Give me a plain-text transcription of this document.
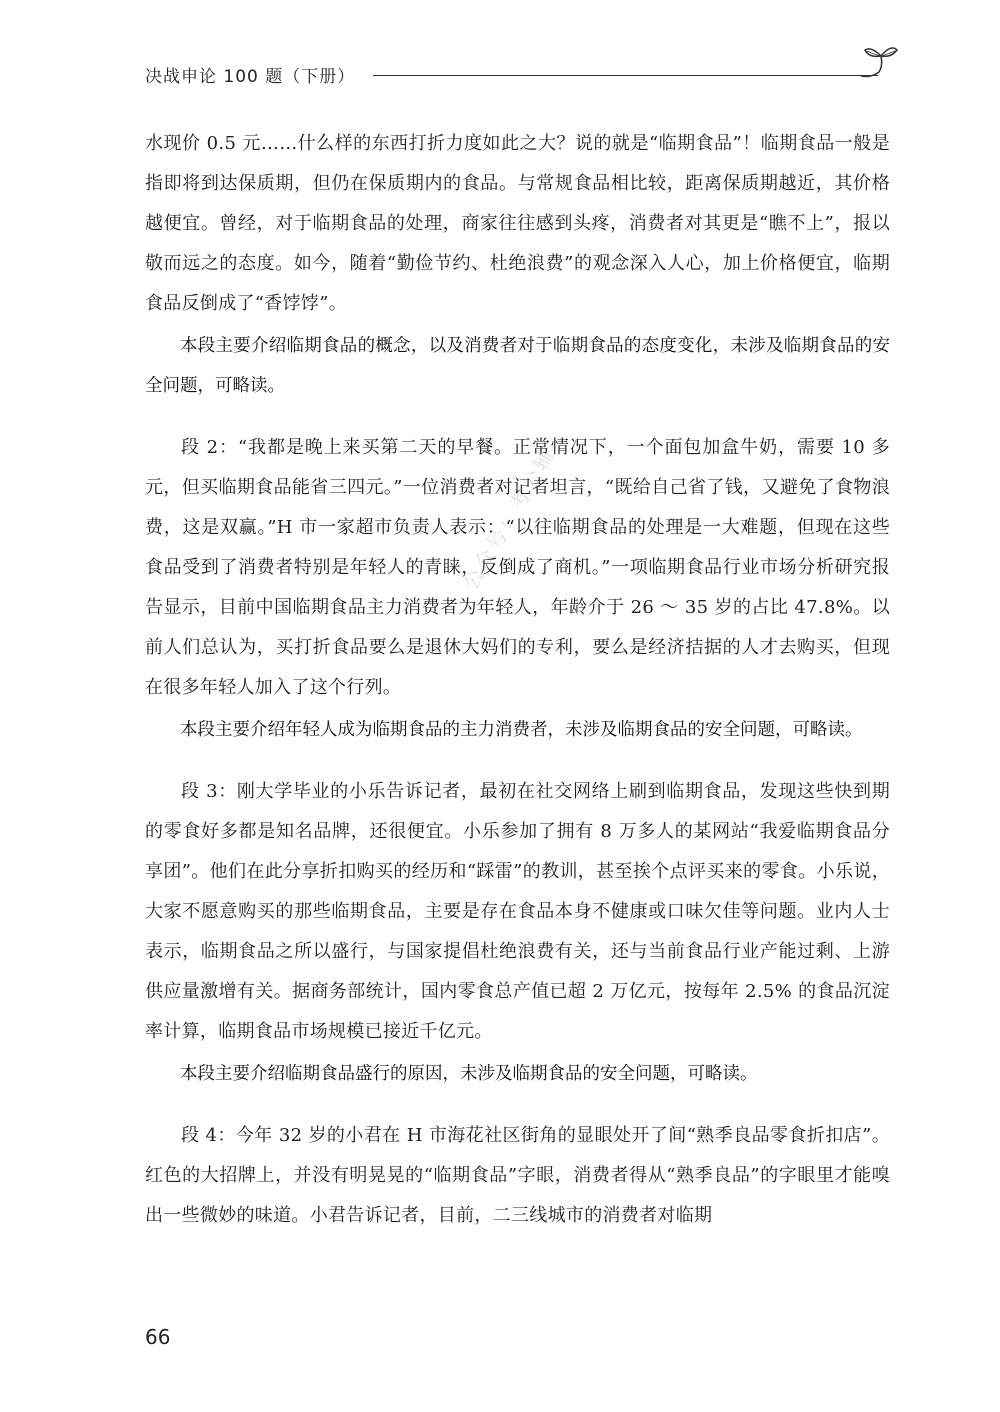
决战申论 100 题（下册）

水现价 0.5 元……什么样的东西打折力度如此之大？说的就是“临期食品”！临期食品一般是指即将到达保质期，但仍在保质期内的食品。与常规食品相比较，距离保质期越近，其价格越便宜。曾经，对于临期食品的处理，商家往往感到头疼，消费者对其更是“瞧不上”，报以敬而远之的态度。如今，随着“勤俭节约、杜绝浪费”的观念深入人心，加上价格便宜，临期食品反倒成了“香饽饽”。

本段主要介绍临期食品的概念，以及消费者对于临期食品的态度变化，未涉及临期食品的安全问题，可略读。

段 2：“我都是晚上来买第二天的早餐。正常情况下，一个面包加盒牛奶，需要 10 多元，但买临期食品能省三四元。”一位消费者对记者坦言，“既给自己省了钱，又避免了食物浪费，这是双赢。”H 市一家超市负责人表示：“以往临期食品的处理是一大难题，但现在这些食品受到了消费者特别是年轻人的青睐，反倒成了商机。”一项临期食品行业市场分析研究报告显示，目前中国临期食品主力消费者为年轻人，年龄介于 26 ～ 35 岁的占比 47.8%。以前人们总认为，买打折食品要么是退休大妈们的专利，要么是经济拮据的人才去购买，但现在很多年轻人加入了这个行列。

本段主要介绍年轻人成为临期食品的主力消费者，未涉及临期食品的安全问题，可略读。

段 3：刚大学毕业的小乐告诉记者，最初在社交网络上刷到临期食品，发现这些快到期的零食好多都是知名品牌，还很便宜。小乐参加了拥有 8 万多人的某网站“我爱临期食品分享团”。他们在此分享折扣购买的经历和“踩雷”的教训，甚至挨个点评买来的零食。小乐说，大家不愿意购买的那些临期食品，主要是存在食品本身不健康或口味欠佳等问题。业内人士表示，临期食品之所以盛行，与国家提倡杜绝浪费有关，还与当前食品行业产能过剩、上游供应量激增有关。据商务部统计，国内零食总产值已超 2 万亿元，按每年 2.5% 的食品沉淀率计算，临期食品市场规模已接近千亿元。

本段主要介绍临期食品盛行的原因，未涉及临期食品的安全问题，可略读。

段 4：今年 32 岁的小君在 H 市海花社区街角的显眼处开了间“熟季良品零食折扣店”。红色的大招牌上，并没有明晃晃的“临期食品”字眼，消费者得从“熟季良品”的字眼里才能嗅出一些微妙的味道。小君告诉记者，目前，二三线城市的消费者对临期

公众号：考公辅
66
